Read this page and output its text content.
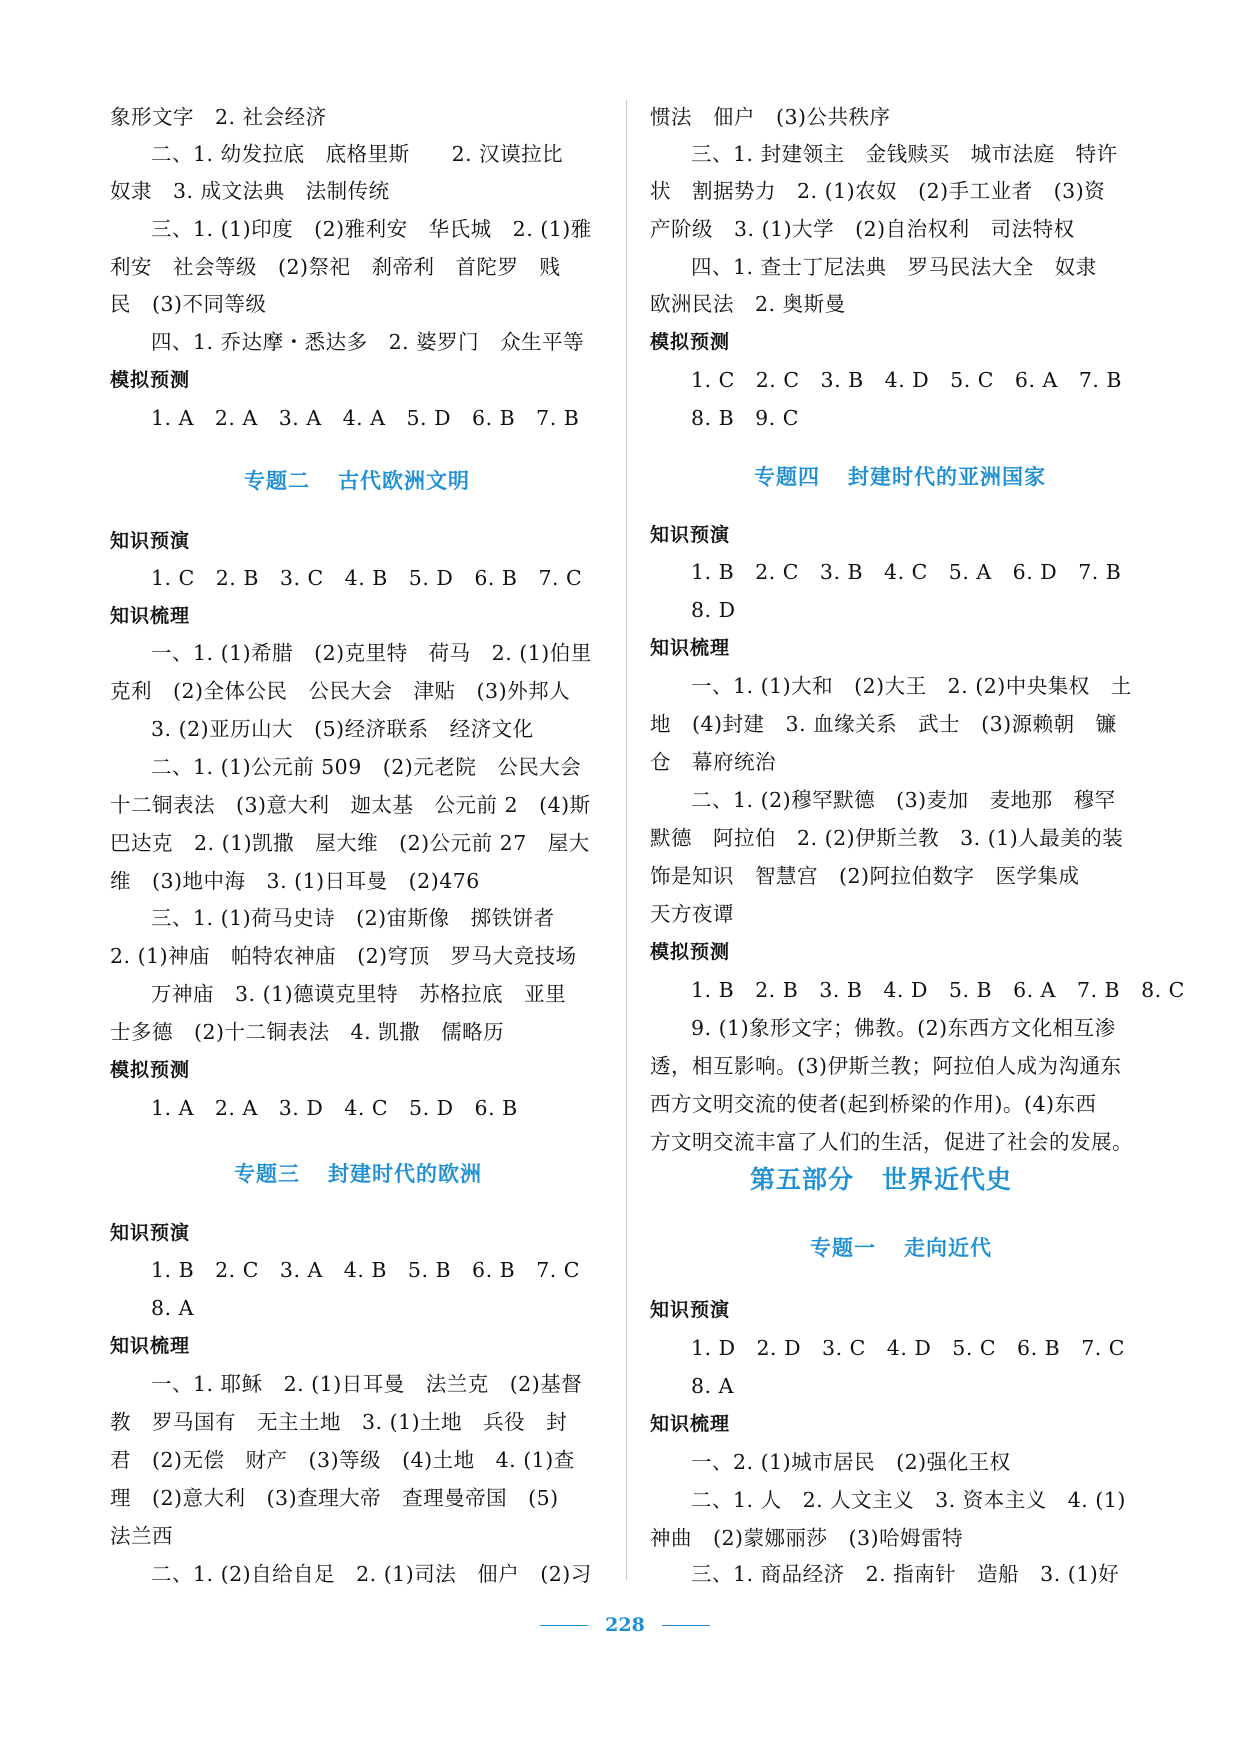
象形文字　2. 社会经济
二、1. 幼发拉底　底格里斯　　2. 汉谟拉比
奴隶　3. 成文法典　法制传统
三、1. (1)印度　(2)雅利安　华氏城　2. (1)雅
利安　社会等级　(2)祭祀　刹帝利　首陀罗　贱
民　(3)不同等级
四、1. 乔达摩・悉达多　2. 婆罗门　众生平等
模拟预测
1. A　2. A　3. A　4. A　5. D　6. B　7. B
专题二 古代欧洲文明
知识预演
1. C　2. B　3. C　4. B　5. D　6. B　7. C
知识梳理
一、1. (1)希腊　(2)克里特　荷马　2. (1)伯里
克利　(2)全体公民　公民大会　津贴　(3)外邦人
3. (2)亚历山大　(5)经济联系　经济文化
二、1. (1)公元前 509　(2)元老院　公民大会
十二铜表法　(3)意大利　迦太基　公元前 2　(4)斯
巴达克　2. (1)凯撒　屋大维　(2)公元前 27　屋大
维　(3)地中海　3. (1)日耳曼　(2)476
三、1. (1)荷马史诗　(2)宙斯像　掷铁饼者
2. (1)神庙　帕特农神庙　(2)穹顶　罗马大竞技场
万神庙　3. (1)德谟克里特　苏格拉底　亚里
士多德　(2)十二铜表法　4. 凯撒　儒略历
模拟预测
1. A　2. A　3. D　4. C　5. D　6. B
专题三 封建时代的欧洲
知识预演
1. B　2. C　3. A　4. B　5. B　6. B　7. C
8. A
知识梳理
一、1. 耶稣　2. (1)日耳曼　法兰克　(2)基督
教　罗马国有　无主土地　3. (1)土地　兵役　封
君　(2)无偿　财产　(3)等级　(4)土地　4. (1)查
理　(2)意大利　(3)查理大帝　查理曼帝国　(5)
法兰西
二、1. (2)自给自足　2. (1)司法　佃户　(2)习
惯法　佃户　(3)公共秩序
三、1. 封建领主　金钱赎买　城市法庭　特许
状　割据势力　2. (1)农奴　(2)手工业者　(3)资
产阶级　3. (1)大学　(2)自治权利　司法特权
四、1. 查士丁尼法典　罗马民法大全　奴隶
欧洲民法　2. 奥斯曼
模拟预测
1. C　2. C　3. B　4. D　5. C　6. A　7. B
8. B　9. C
专题四 封建时代的亚洲国家
知识预演
1. B　2. C　3. B　4. C　5. A　6. D　7. B
8. D
知识梳理
一、1. (1)大和　(2)大王　2. (2)中央集权　土
地　(4)封建　3. 血缘关系　武士　(3)源赖朝　镰
仓　幕府统治
二、1. (2)穆罕默德　(3)麦加　麦地那　穆罕
默德　阿拉伯　2. (2)伊斯兰教　3. (1)人最美的装
饰是知识　智慧宫　(2)阿拉伯数字　医学集成
天方夜谭
模拟预测
1. B　2. B　3. B　4. D　5. B　6. A　7. B　8. C
9. (1)象形文字；佛教。(2)东西方文化相互渗
透，相互影响。(3)伊斯兰教；阿拉伯人成为沟通东
西方文明交流的使者(起到桥梁的作用)。(4)东西
方文明交流丰富了人们的生活，促进了社会的发展。
第五部分 世界近代史
专题一 走向近代
知识预演
1. D　2. D　3. C　4. D　5. C　6. B　7. C
8. A
知识梳理
一、2. (1)城市居民　(2)强化王权
二、1. 人　2. 人文主义　3. 资本主义　4. (1)
神曲　(2)蒙娜丽莎　(3)哈姆雷特
三、1. 商品经济　2. 指南针　造船　3. (1)好
228
